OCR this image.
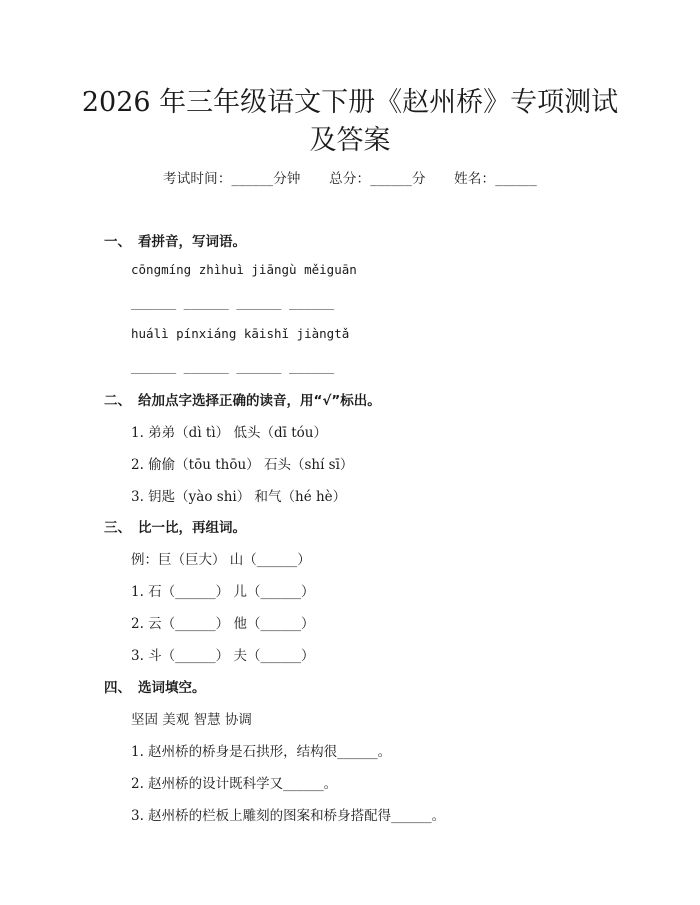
2026 年三年级语文下册《赵州桥》专项测试
及答案
考试时间：______分钟 总分：______分 姓名：______
一、 看拼音，写词语。
cōngmíng zhìhuì jiāngù měiguān
______ ______ ______ ______
huálì pínxiáng kāishǐ jiàngtǎ
______ ______ ______ ______
二、 给加点字选择正确的读音，用“√”标出。
1. 弟弟（dì tì） 低头（dī tóu）
2. 偷偷（tōu thōu） 石头（shí sī）
3. 钥匙（yào shi） 和气（hé hè）
三、 比一比，再组词。
例：巨（巨大） 山（______）
1. 石（______） 儿（______）
2. 云（______） 他（______）
3. 斗（______） 夫（______）
四、 选词填空。
坚固 美观 智慧 协调
1. 赵州桥的桥身是石拱形，结构很______。
2. 赵州桥的设计既科学又______。
3. 赵州桥的栏板上雕刻的图案和桥身搭配得______。
